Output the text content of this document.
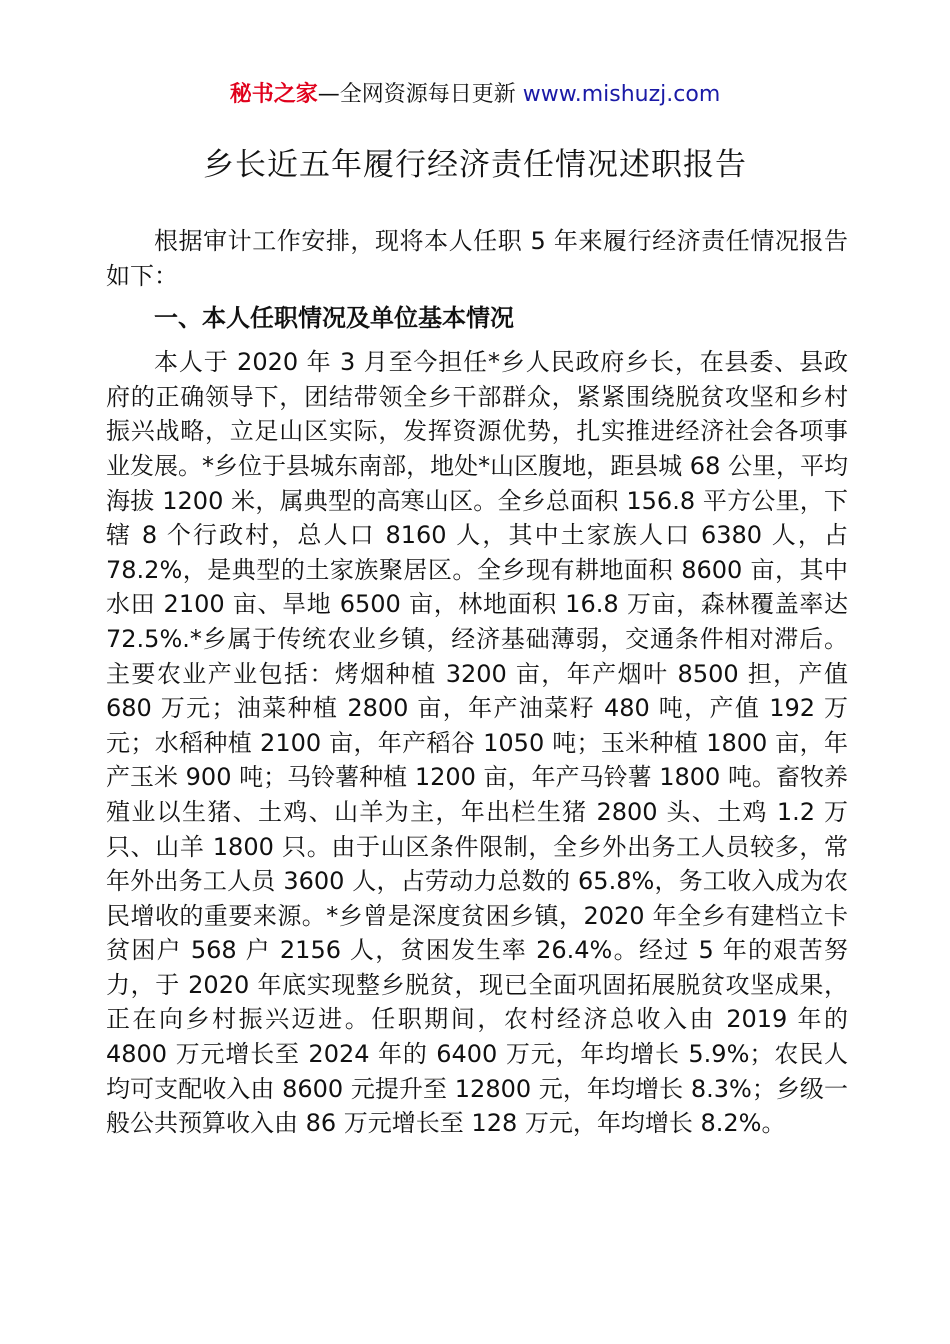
秘书之家—全网资源每日更新 www.mishuzj.com
乡长近五年履行经济责任情况述职报告

根据审计工作安排，现将本人任职 5 年来履行经济责任情况报告如下：

一、本人任职情况及单位基本情况

本人于 2020 年 3 月至今担任*乡人民政府乡长，在县委、县政府的正确领导下，团结带领全乡干部群众，紧紧围绕脱贫攻坚和乡村振兴战略，立足山区实际，发挥资源优势，扎实推进经济社会各项事业发展。*乡位于县城东南部，地处*山区腹地，距县城 68 公里，平均海拔 1200 米，属典型的高寒山区。全乡总面积 156.8 平方公里，下辖 8 个行政村，总人口 8160 人，其中土家族人口 6380 人，占 78.2%，是典型的土家族聚居区。全乡现有耕地面积 8600 亩，其中水田 2100 亩、旱地 6500 亩，林地面积 16.8 万亩，森林覆盖率达 72.5%.*乡属于传统农业乡镇，经济基础薄弱，交通条件相对滞后。主要农业产业包括：烤烟种植 3200 亩，年产烟叶 8500 担，产值 680 万元；油菜种植 2800 亩，年产油菜籽 480 吨，产值 192 万元；水稻种植 2100 亩，年产稻谷 1050 吨；玉米种植 1800 亩，年产玉米 900 吨；马铃薯种植 1200 亩，年产马铃薯 1800 吨。畜牧养殖业以生猪、土鸡、山羊为主，年出栏生猪 2800 头、土鸡 1.2 万只、山羊 1800 只。由于山区条件限制，全乡外出务工人员较多，常年外出务工人员 3600 人，占劳动力总数的 65.8%，务工收入成为农民增收的重要来源。*乡曾是深度贫困乡镇，2020 年全乡有建档立卡贫困户 568 户 2156 人，贫困发生率 26.4%。经过 5 年的艰苦努力，于 2020 年底实现整乡脱贫，现已全面巩固拓展脱贫攻坚成果，正在向乡村振兴迈进。任职期间，农村经济总收入由 2019 年的 4800 万元增长至 2024 年的 6400 万元，年均增长 5.9%；农民人均可支配收入由 8600 元提升至 12800 元，年均增长 8.3%；乡级一般公共预算收入由 86 万元增长至 128 万元，年均增长 8.2%。
